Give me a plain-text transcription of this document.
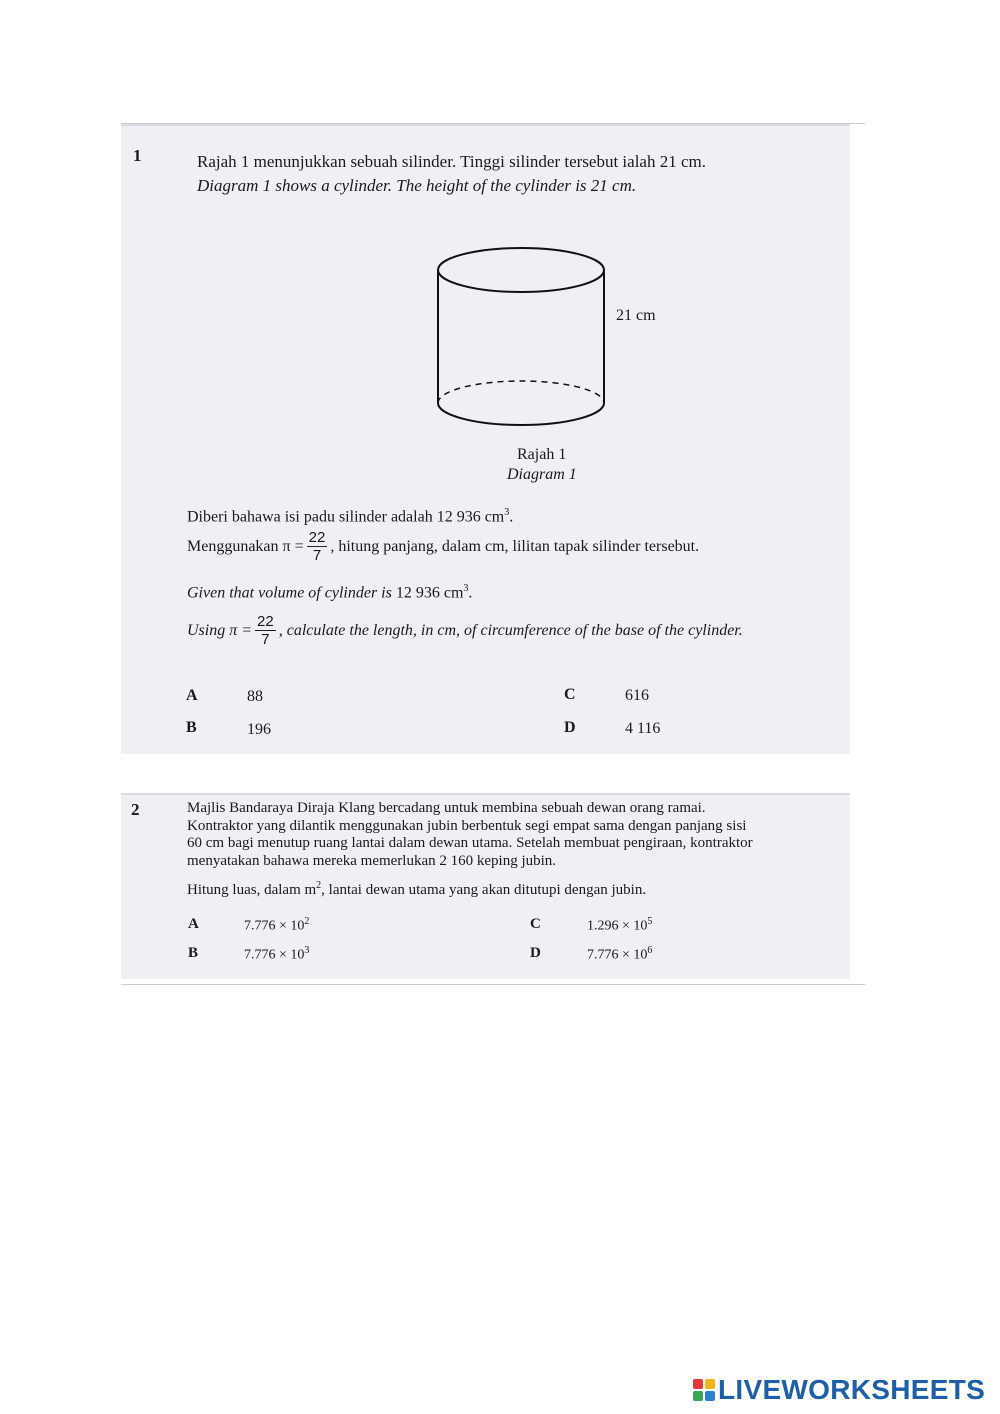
1	Rajah 1 menunjukkan sebuah silinder. Tinggi silinder tersebut ialah 21 cm.
Diagram 1 shows a cylinder. The height of the cylinder is 21 cm.
21 cm
Rajah 1
Diagram 1
Diberi bahawa isi padu silinder adalah 12 936 $cm^3$.
Menggunakan $\pi = \frac{22}{7}$ , hitung panjang, dalam cm, lilitan tapak silinder tersebut.
Given that volume of cylinder is 12 936 $cm^3$.
Using $\pi = \frac{22}{7}$ , calculate the length, in cm, of circumference of the base of the cylinder.
A	88
B	196
C	616
D	4 116
2	Majlis Bandaraya Diraja Klang bercadang untuk membina sebuah dewan orang ramai.
Kontraktor yang dilantik menggunakan jubin berbentuk segi empat sama dengan panjang sisi
60 cm bagi menutup ruang lantai dalam dewan utama. Setelah membuat pengiraan, kontraktor
menyatakan bahawa mereka memerlukan 2 160 keping jubin.
Hitung luas, dalam $m^2$, lantai dewan utama yang akan ditutupi dengan jubin.
A	$7.776 \times 10^2$
B	$7.776 \times 10^3$
C	$1.296 \times 10^5$
D	$7.776 \times 10^6$
LIVEWORKSHEETS
